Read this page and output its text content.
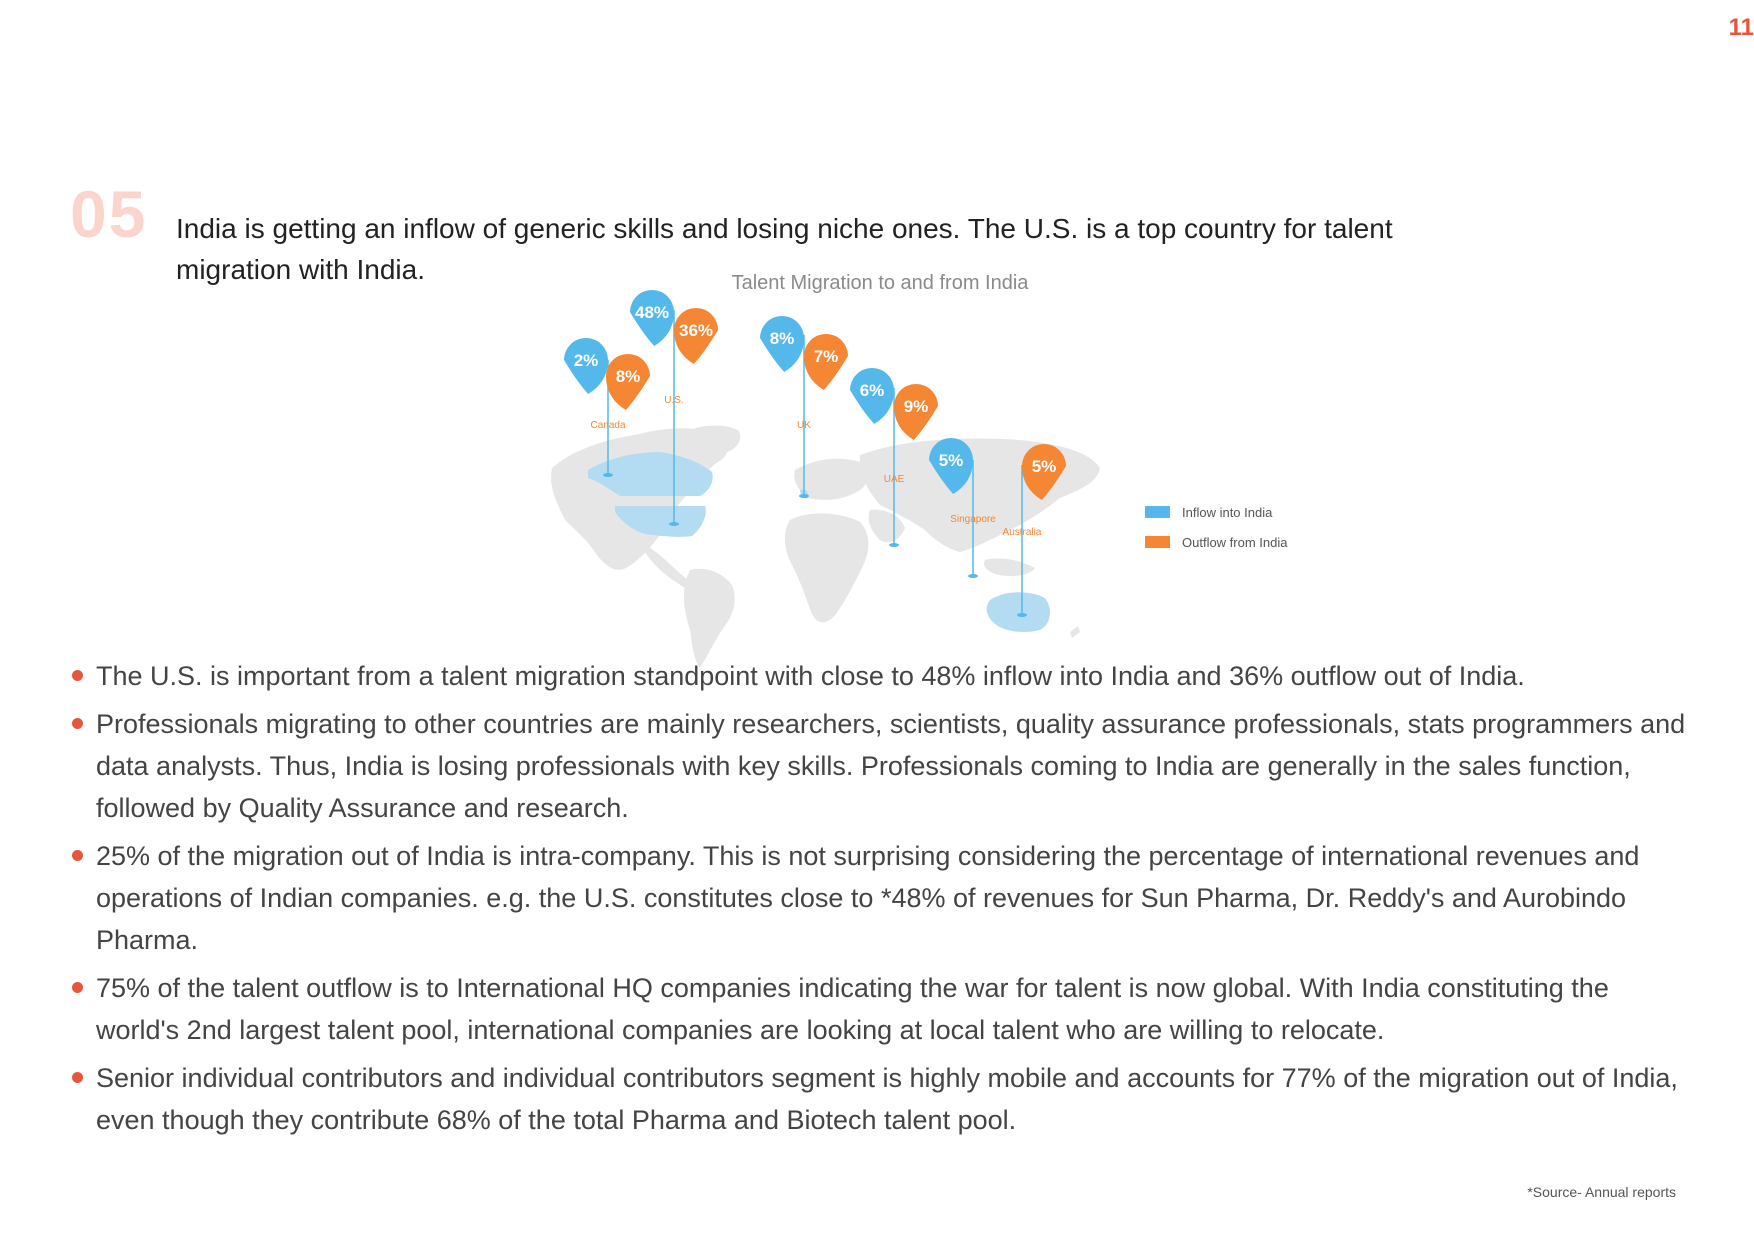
11
05 India is getting an inflow of generic skills and losing niche ones. The U.S. is a top country for talent migration with India.	Talent Migration to and from India
2%
8%
Canada
48%
36%
U.S.
8%
7%
UK
6%
9%
UAE
5%
Singapore
5%
Australia
Inflow into India
Outflow from India
The U.S. is important from a talent migration standpoint with close to 48% inflow into India and 36% outflow out of India.
Professionals migrating to other countries are mainly researchers, scientists, quality assurance professionals, stats programmers and data analysts. Thus, India is losing professionals with key skills. Professionals coming to India are generally in the sales function, followed by Quality Assurance and research.
25% of the migration out of India is intra-company. This is not surprising considering the percentage of international revenues and operations of Indian companies. e.g. the U.S. constitutes close to *48% of revenues for Sun Pharma, Dr. Reddy's and Aurobindo Pharma.
75% of the talent outflow is to International HQ companies indicating the war for talent is now global. With India constituting the world's 2nd largest talent pool, international companies are looking at local talent who are willing to relocate.
Senior individual contributors and individual contributors segment is highly mobile and accounts for 77% of the migration out of India, even though they contribute 68% of the total Pharma and Biotech talent pool.
*Source- Annual reports
